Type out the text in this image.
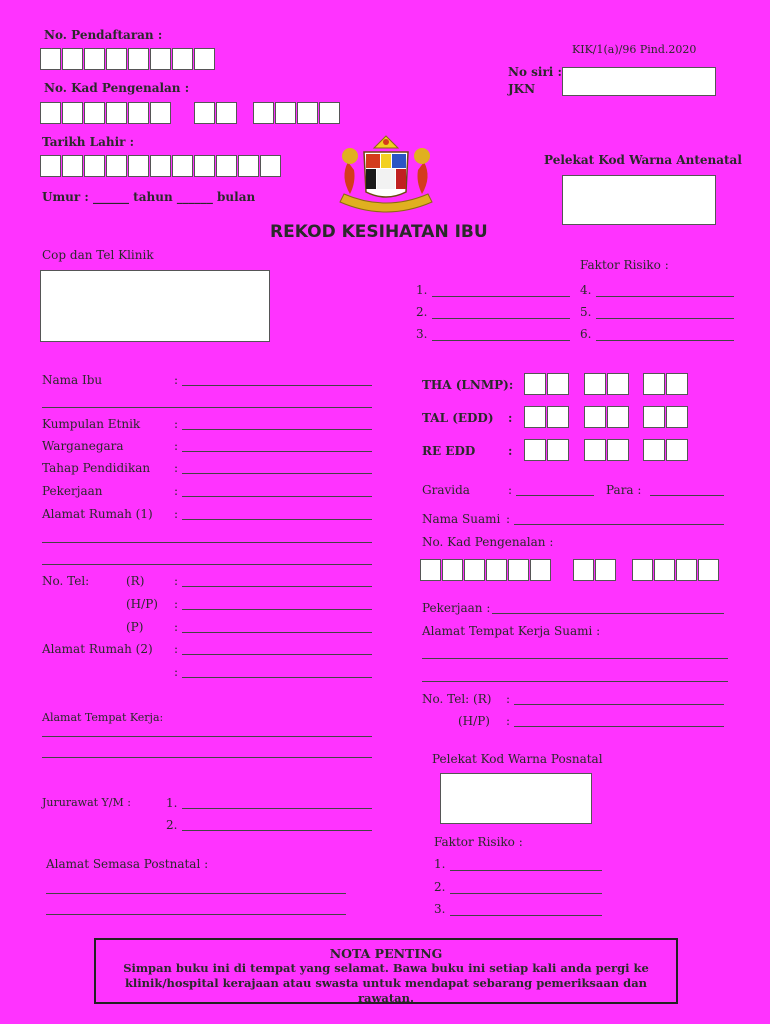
No. Pendaftaran :
No. Kad Pengenalan :
Tarikh Lahir :
Umur : ______ tahun ______ bulan
KIK/1(a)/96 Pind.2020
No siri :
JKN
Pelekat Kod Warna Antenatal
REKOD KESIHATAN IBU
Cop dan Tel Klinik
Faktor Risiko :
1.
2.
3.
4.
5.
6.
Nama Ibu	:
Kumpulan Etnik	:
Warganegara	:
Tahap Pendidikan :
Pekerjaan	:
Alamat Rumah (1) :
No. Tel:	(R) :
(H/P) :
(P)	:
Alamat Rumah (2) :
:
Alamat Tempat Kerja:
Jururawat Y/M :	1.
2.
Alamat Semasa Postnatal :
THA (LNMP):
TAL (EDD) :
RE EDD	:
Gravida	:	Para :
Nama Suami :
No. Kad Pengenalan :
Pekerjaan :
Alamat Tempat Kerja Suami :
No. Tel: (R) :
(H/P) :
Pelekat Kod Warna Posnatal
Faktor Risiko :
1.
2.
3.
NOTA PENTING
Simpan buku ini di tempat yang selamat. Bawa buku ini setiap kali anda pergi ke
klinik/hospital kerajaan atau swasta untuk mendapat sebarang pemeriksaan dan rawatan.
